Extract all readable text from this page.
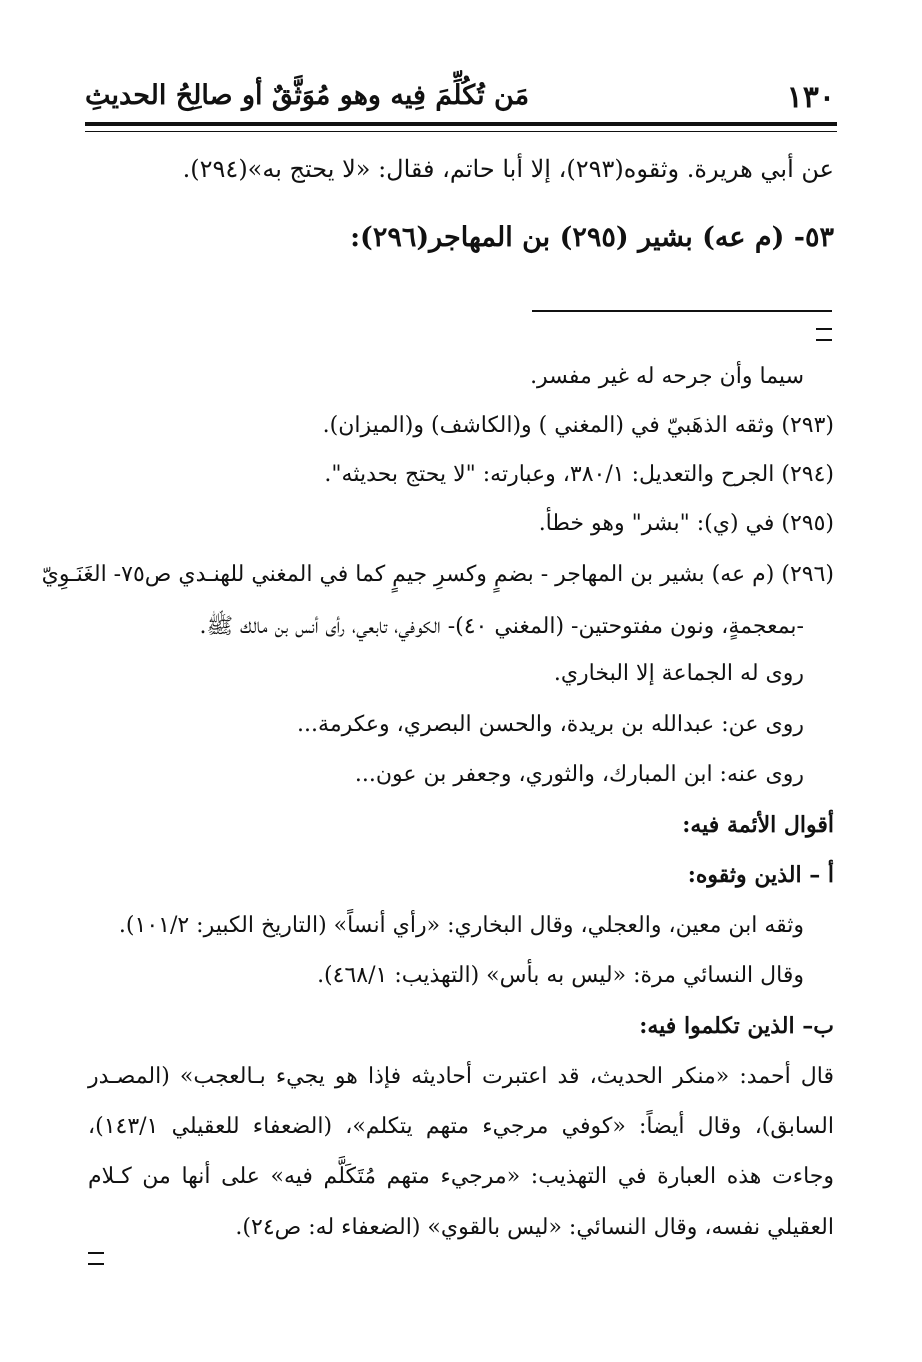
١٣٠
مَن تُكُلِّمَ فِيه وهو مُوَثَّقٌ أو صالِحُ الحديثِ
عن أبي هريرة. وثقوه(٢٩٣)، إلا أبا حاتم، فقال: «لا يحتج به»(٢٩٤).
٥٣- (م عه) بشير (٢٩٥) بن المهاجر(٢٩٦):
سيما وأن جرحه له غير مفسر.
(٢٩٣) وثقه الذهَبيّ في (المغني ) و(الكاشف) و(الميزان).
(٢٩٤) الجرح والتعديل: ٣٨٠/١، وعبارته: "لا يحتج بحديثه".
(٢٩٥) في (ي): "بشر" وهو خطأ.
(٢٩٦) (م عه) بشير بن المهاجر - بضمٍ وكسرِ جيمٍ كما في المغني للهنـدي ص٧٥- الغَنَـوِيّ
-بمعجمةٍ، ونون مفتوحتين- (المغني ٤٠)- الكوفي، تابعي، رأى أنس بن مالك ﷺ.
روى له الجماعة إلا البخاري.
روى عن: عبدالله بن بريدة، والحسن البصري، وعكرمة...
روى عنه: ابن المبارك، والثوري، وجعفر بن عون...
أقوال الأئمة فيه:
أ – الذين وثقوه:
وثقه ابن معين، والعجلي، وقال البخاري: «رأي أنساً» (التاريخ الكبير: ١٠١/٢).
وقال النسائي مرة: «ليس به بأس» (التهذيب: ٤٦٨/١).
ب– الذين تكلموا فيه:
قال أحمد: «منكر الحديث، قد اعتبرت أحاديثه فإذا هو يجيء بـالعجب» (المصـدر
السابق)، وقال أيضاً: «كوفي مرجيء متهم يتكلم»، (الضعفاء للعقيلي ١٤٣/١)،
وجاءت هذه العبارة في التهذيب: «مرجيء متهم مُتَكَلَّم فيه» على أنها من كـلام
العقيلي نفسه، وقال النسائي: «ليس بالقوي» (الضعفاء له: ص٢٤).
